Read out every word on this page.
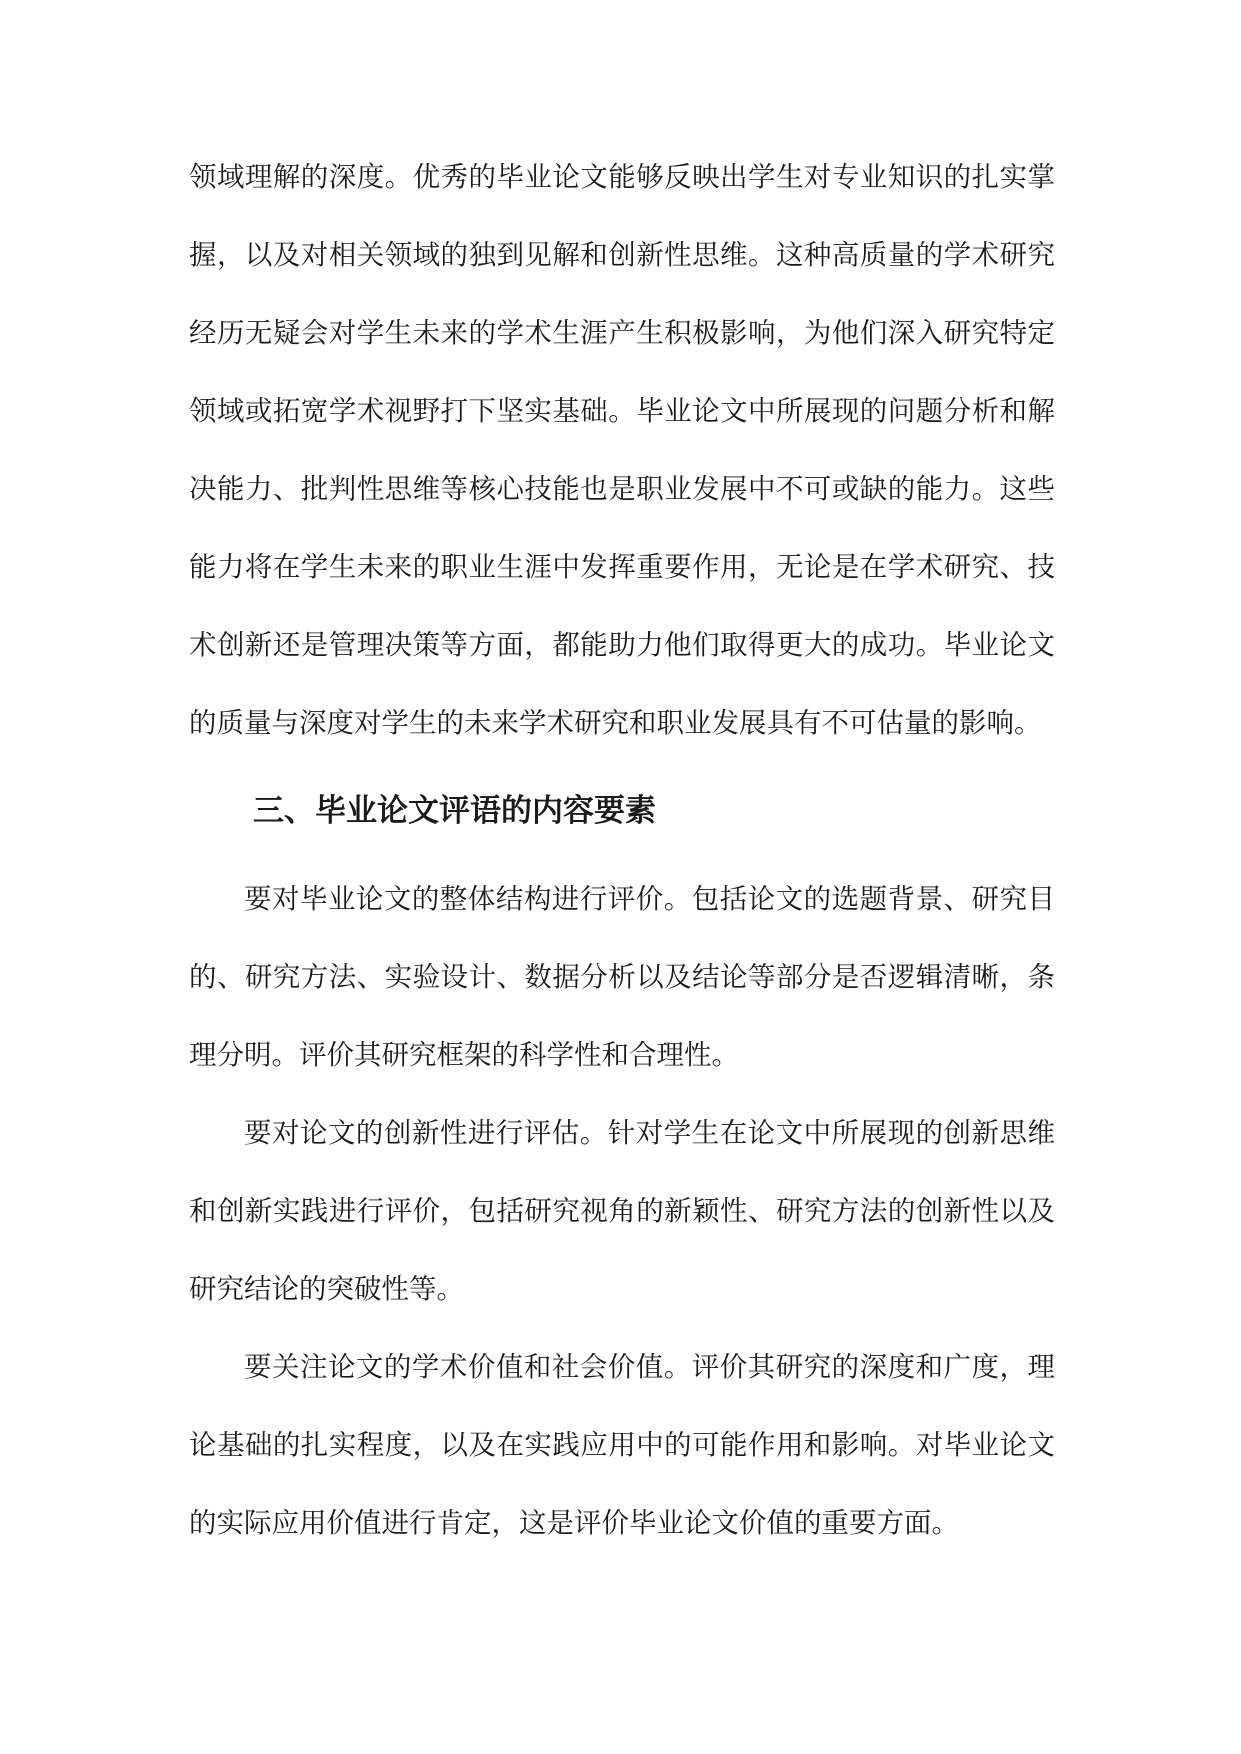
领域理解的深度。优秀的毕业论文能够反映出学生对专业知识的扎实掌握，以及对相关领域的独到见解和创新性思维。这种高质量的学术研究经历无疑会对学生未来的学术生涯产生积极影响，为他们深入研究特定领域或拓宽学术视野打下坚实基础。毕业论文中所展现的问题分析和解决能力、批判性思维等核心技能也是职业发展中不可或缺的能力。这些能力将在学生未来的职业生涯中发挥重要作用，无论是在学术研究、技术创新还是管理决策等方面，都能助力他们取得更大的成功。毕业论文的质量与深度对学生的未来学术研究和职业发展具有不可估量的影响。

三、毕业论文评语的内容要素

要对毕业论文的整体结构进行评价。包括论文的选题背景、研究目的、研究方法、实验设计、数据分析以及结论等部分是否逻辑清晰，条理分明。评价其研究框架的科学性和合理性。

要对论文的创新性进行评估。针对学生在论文中所展现的创新思维和创新实践进行评价，包括研究视角的新颖性、研究方法的创新性以及研究结论的突破性等。

要关注论文的学术价值和社会价值。评价其研究的深度和广度，理论基础的扎实程度，以及在实践应用中的可能作用和影响。对毕业论文的实际应用价值进行肯定，这是评价毕业论文价值的重要方面。
